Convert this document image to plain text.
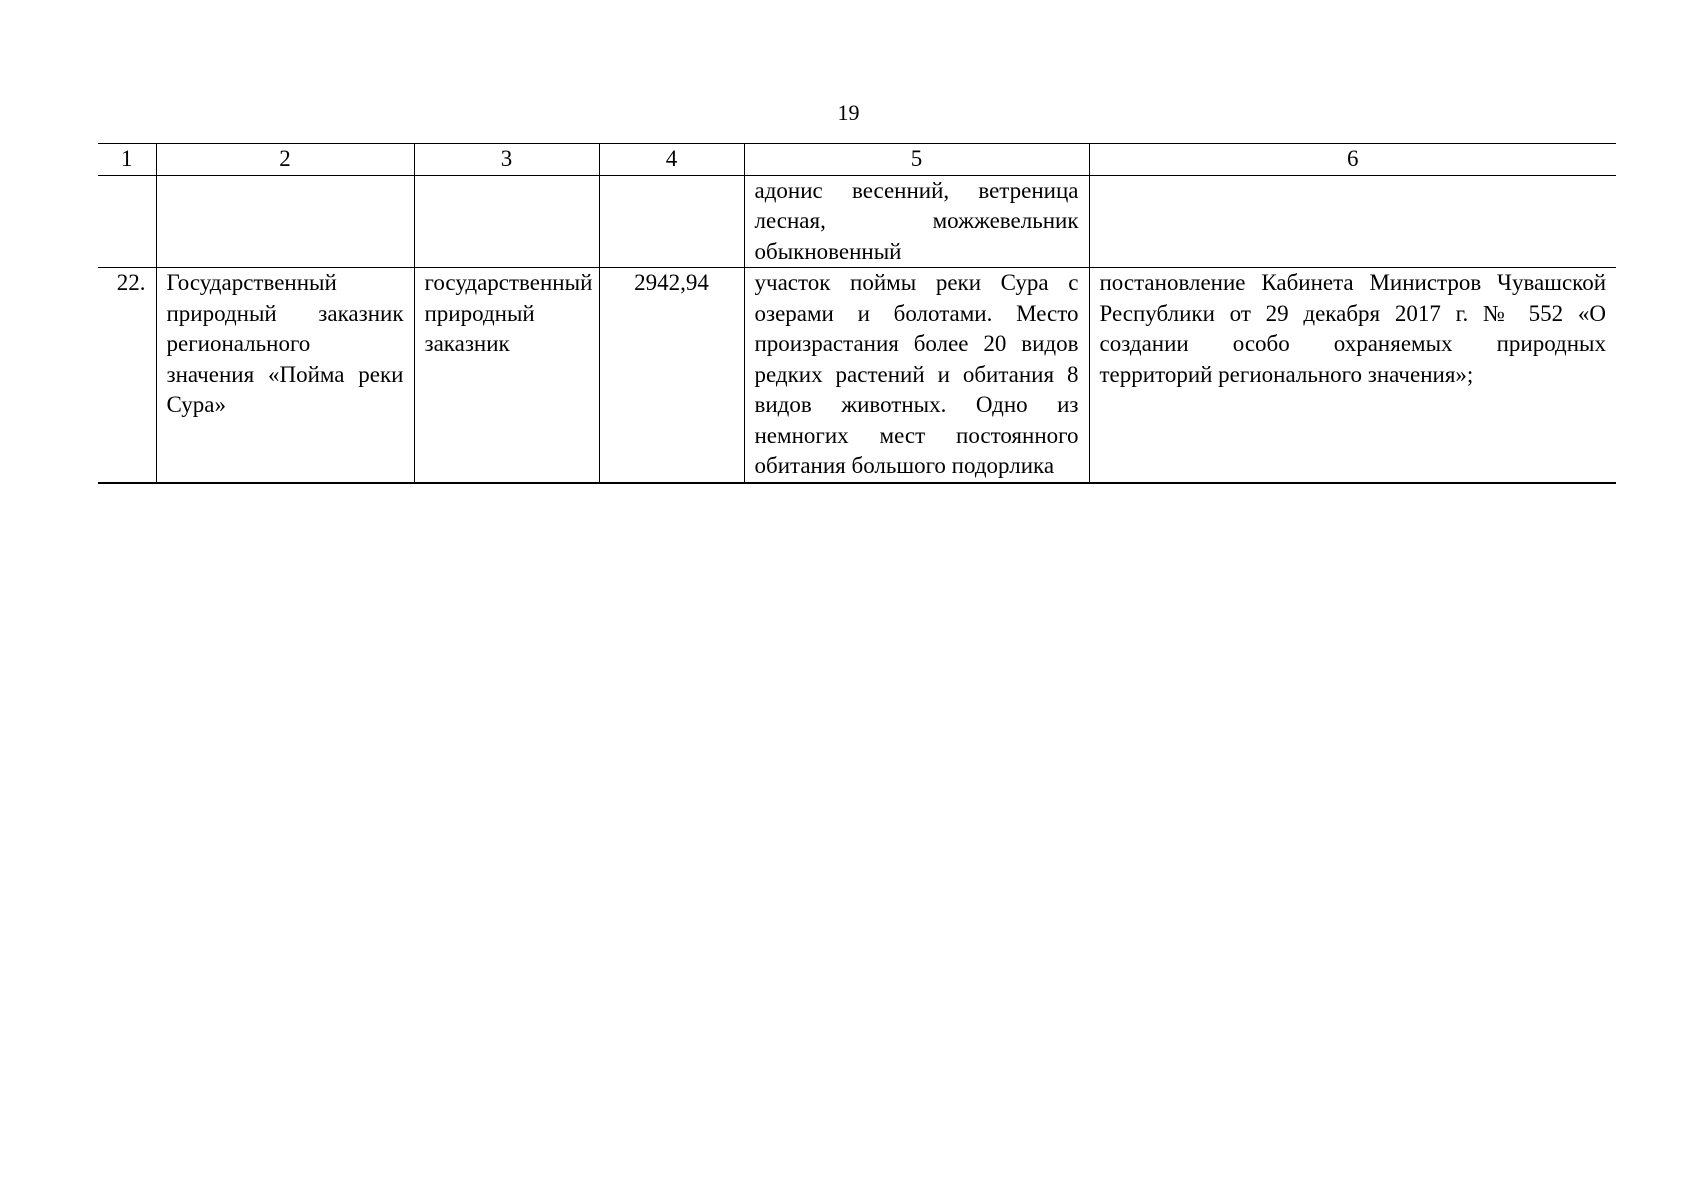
19
1	2	3	4	5	6
				адонис весенний, ветреница лесная, можжевельник обыкновенный	
22.	Государственный природный заказник регионального значения «Пойма реки Сура»	государственный природный заказник	2942,94	участок поймы реки Сура с озерами и болотами. Место произрастания более 20 видов редких растений и обитания 8 видов животных. Одно из немногих мест постоянного обитания большого подорлика	постановление Кабинета Министров Чувашской Республики от 29 декабря 2017 г. № 552 «О создании особо охраняемых природных территорий регионального значения»;
